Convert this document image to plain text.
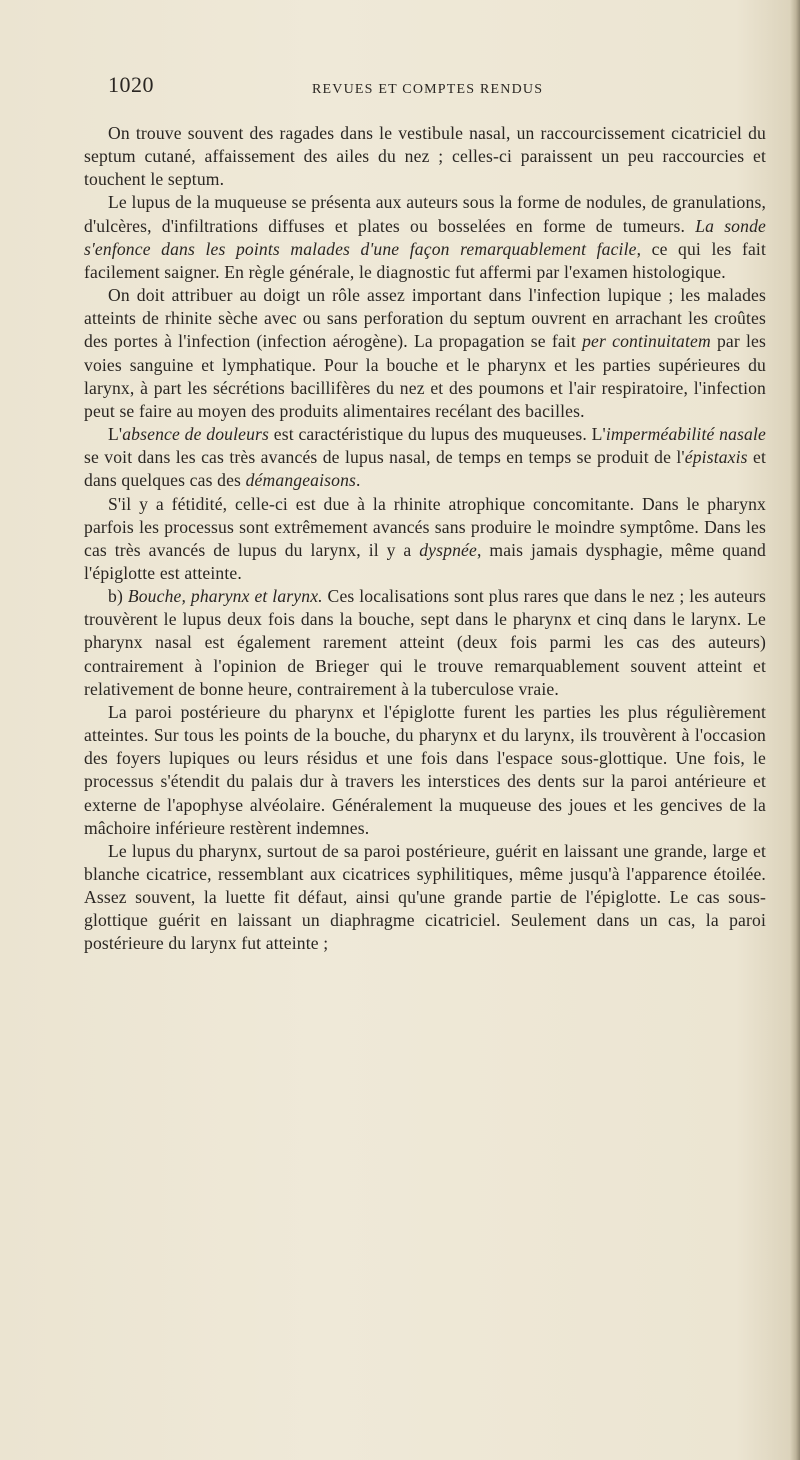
1020	REVUES ET COMPTES RENDUS

On trouve souvent des ragades dans le vestibule nasal, un raccourcissement cicatriciel du septum cutané, affaissement des ailes du nez ; celles-ci paraissent un peu raccourcies et touchent le septum.

Le lupus de la muqueuse se présenta aux auteurs sous la forme de nodules, de granulations, d'ulcères, d'infiltrations diffuses et plates ou bosselées en forme de tumeurs. La sonde s'enfonce dans les points malades d'une façon remarquablement facile, ce qui les fait facilement saigner. En règle générale, le diagnostic fut affermi par l'examen histologique.

On doit attribuer au doigt un rôle assez important dans l'infection lupique ; les malades atteints de rhinite sèche avec ou sans perforation du septum ouvrent en arrachant les croûtes des portes à l'infection (infection aérogène). La propagation se fait per continuitatem par les voies sanguine et lymphatique. Pour la bouche et le pharynx et les parties supérieures du larynx, à part les sécrétions bacillifères du nez et des poumons et l'air respiratoire, l'infection peut se faire au moyen des produits alimentaires recélant des bacilles.

L'absence de douleurs est caractéristique du lupus des muqueuses. L'imperméabilité nasale se voit dans les cas très avancés de lupus nasal, de temps en temps se produit de l'épistaxis et dans quelques cas des démangeaisons.

S'il y a fétidité, celle-ci est due à la rhinite atrophique concomitante. Dans le pharynx parfois les processus sont extrêmement avancés sans produire le moindre symptôme. Dans les cas très avancés de lupus du larynx, il y a dyspnée, mais jamais dysphagie, même quand l'épiglotte est atteinte.

b) Bouche, pharynx et larynx. Ces localisations sont plus rares que dans le nez ; les auteurs trouvèrent le lupus deux fois dans la bouche, sept dans le pharynx et cinq dans le larynx. Le pharynx nasal est également rarement atteint (deux fois parmi les cas des auteurs) contrairement à l'opinion de Brieger qui le trouve remarquablement souvent atteint et relativement de bonne heure, contrairement à la tuberculose vraie.

La paroi postérieure du pharynx et l'épiglotte furent les parties les plus régulièrement atteintes. Sur tous les points de la bouche, du pharynx et du larynx, ils trouvèrent à l'occasion des foyers lupiques ou leurs résidus et une fois dans l'espace sous-glottique. Une fois, le processus s'étendit du palais dur à travers les interstices des dents sur la paroi antérieure et externe de l'apophyse alvéolaire. Généralement la muqueuse des joues et les gencives de la mâchoire inférieure restèrent indemnes.

Le lupus du pharynx, surtout de sa paroi postérieure, guérit en laissant une grande, large et blanche cicatrice, ressemblant aux cicatrices syphilitiques, même jusqu'à l'apparence étoilée. Assez souvent, la luette fit défaut, ainsi qu'une grande partie de l'épiglotte. Le cas sous-glottique guérit en laissant un diaphragme cicatriciel. Seulement dans un cas, la paroi postérieure du larynx fut atteinte ;
